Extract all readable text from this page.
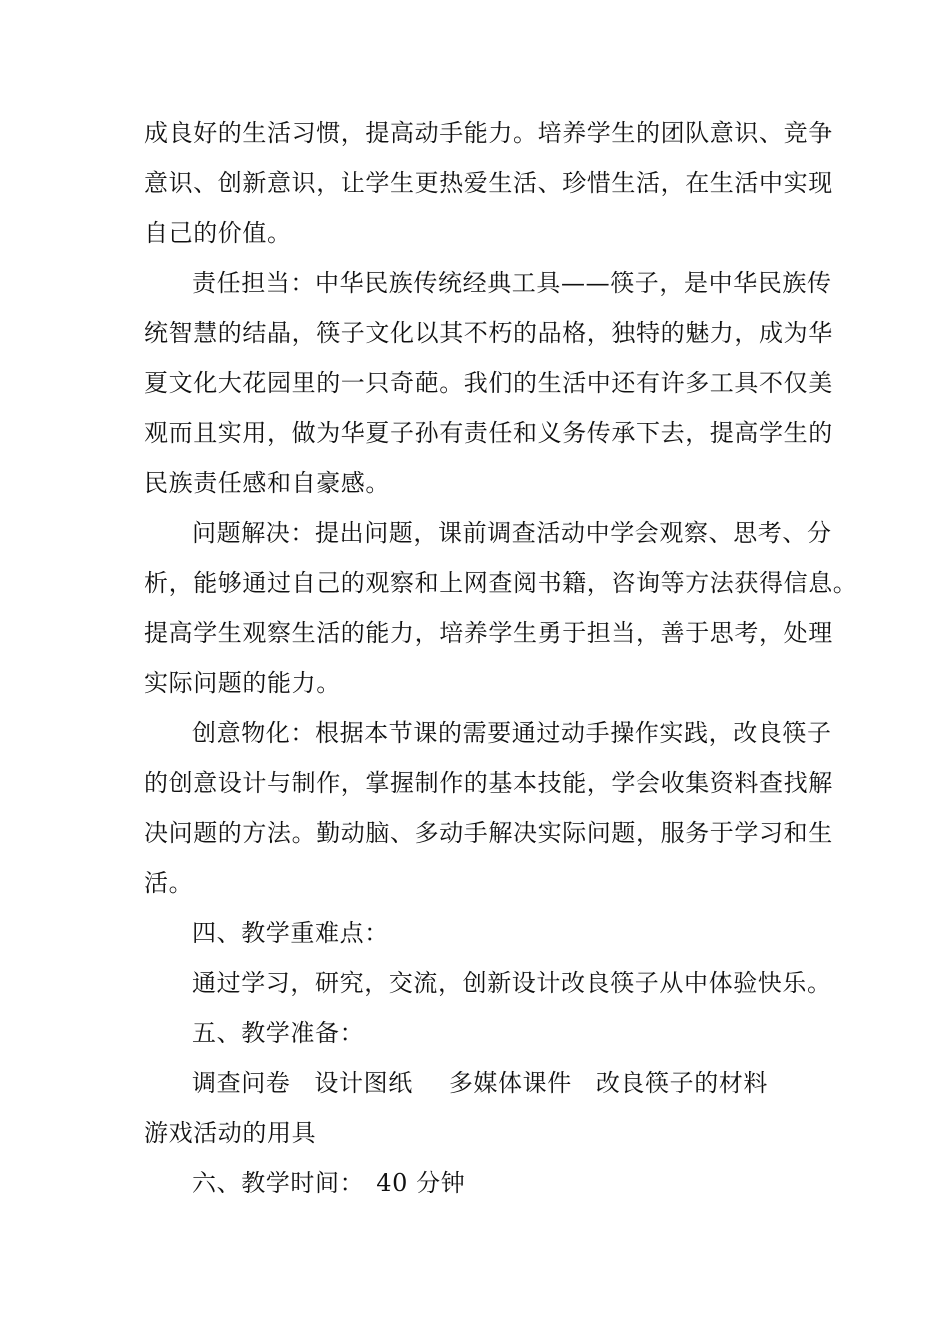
成良好的生活习惯，提高动手能力。培养学生的团队意识、竞争
意识、创新意识，让学生更热爱生活、珍惜生活，在生活中实现
自己的价值。

责任担当：中华民族传统经典工具——筷子，是中华民族传
统智慧的结晶，筷子文化以其不朽的品格，独特的魅力，成为华
夏文化大花园里的一只奇葩。我们的生活中还有许多工具不仅美
观而且实用，做为华夏子孙有责任和义务传承下去，提高学生的
民族责任感和自豪感。

问题解决：提出问题，课前调查活动中学会观察、思考、分
析，能够通过自己的观察和上网查阅书籍，咨询等方法获得信息。
提高学生观察生活的能力，培养学生勇于担当，善于思考，处理
实际问题的能力。

创意物化：根据本节课的需要通过动手操作实践，改良筷子
的创意设计与制作，掌握制作的基本技能，学会收集资料查找解
决问题的方法。勤动脑、多动手解决实际问题，服务于学习和生
活。

四、教学重难点：

通过学习，研究，交流，创新设计改良筷子从中体验快乐。

五、教学准备：

调查问卷 设计图纸 多媒体课件 改良筷子的材料

游戏活动的用具

六、教学时间： 40 分钟
